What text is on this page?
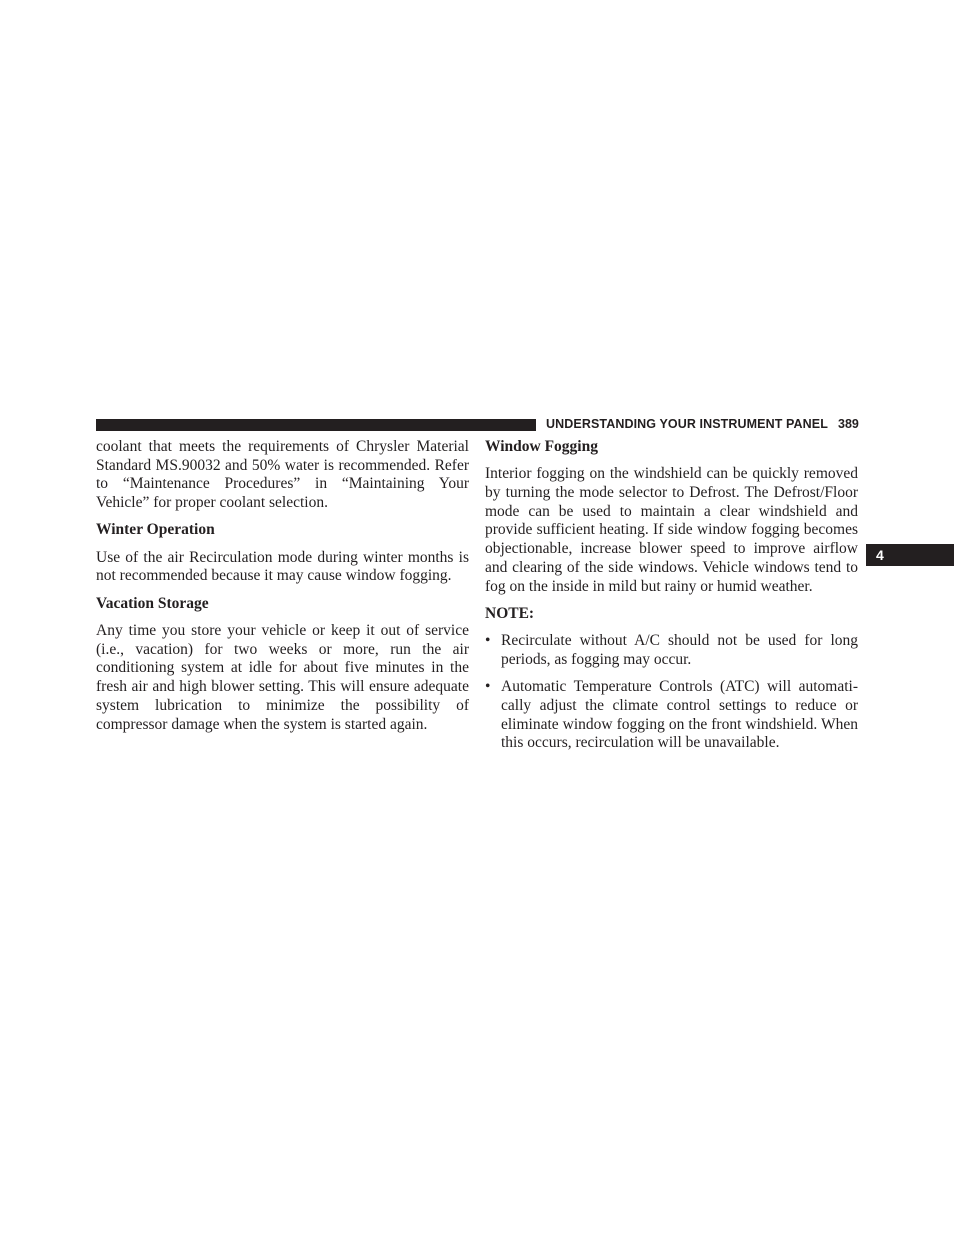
UNDERSTANDING YOUR INSTRUMENT PANEL 389
4

coolant that meets the requirements of Chrysler Material Standard MS.90032 and 50% water is recommended. Refer to “Maintenance Procedures” in “Maintaining Your Vehicle” for proper coolant selection.

Winter Operation

Use of the air Recirculation mode during winter months is not recommended because it may cause window fogging.

Vacation Storage

Any time you store your vehicle or keep it out of service (i.e., vacation) for two weeks or more, run the air conditioning system at idle for about five minutes in the fresh air and high blower setting. This will ensure adequate system lubrication to minimize the possibility of compressor damage when the system is started again.

Window Fogging

Interior fogging on the windshield can be quickly removed by turning the mode selector to Defrost. The Defrost/Floor mode can be used to maintain a clear windshield and provide sufficient heating. If side window fogging becomes objectionable, increase blower speed to improve airflow and clearing of the side windows. Vehicle windows tend to fog on the inside in mild but rainy or humid weather.

NOTE:
• Recirculate without A/C should not be used for long periods, as fogging may occur.
• Automatic Temperature Controls (ATC) will automatically adjust the climate control settings to reduce or eliminate window fogging on the front windshield. When this occurs, recirculation will be unavailable.
